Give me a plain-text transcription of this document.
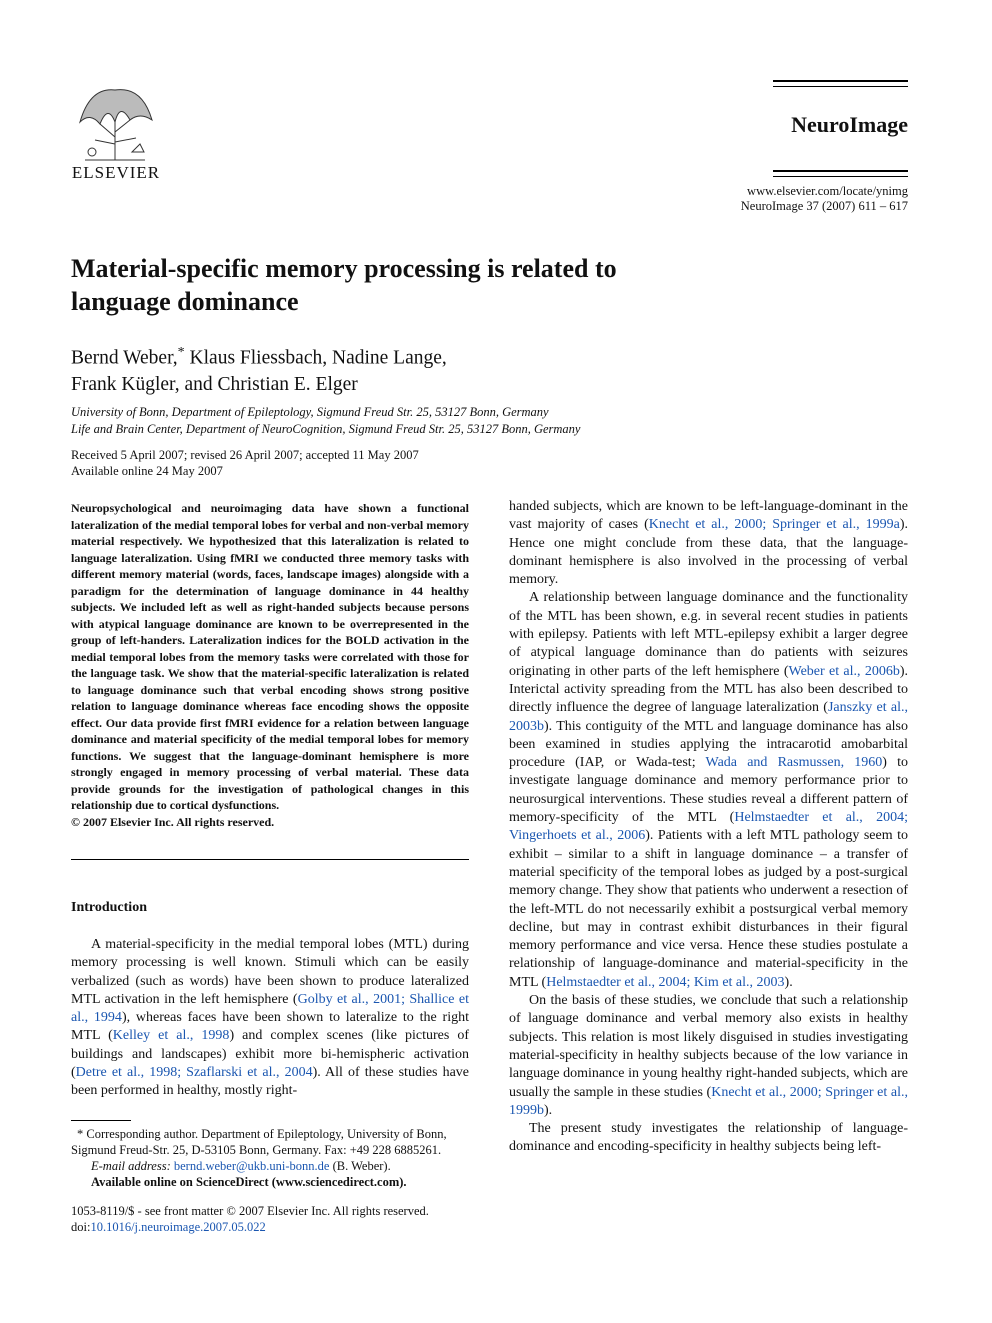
ELSEVIER
NeuroImage
www.elsevier.com/locate/ynimg
NeuroImage 37 (2007) 611 – 617
Material-specific memory processing is related to
language dominance
Bernd Weber,* Klaus Fliessbach, Nadine Lange,
Frank Kügler, and Christian E. Elger
University of Bonn, Department of Epileptology, Sigmund Freud Str. 25, 53127 Bonn, Germany
Life and Brain Center, Department of NeuroCognition, Sigmund Freud Str. 25, 53127 Bonn, Germany
Received 5 April 2007; revised 26 April 2007; accepted 11 May 2007
Available online 24 May 2007
Neuropsychological and neuroimaging data have shown a functional lateralization of the medial temporal lobes for verbal and non-verbal memory material respectively. We hypothesized that this lateralization is related to language lateralization. Using fMRI we conducted three memory tasks with different memory material (words, faces, landscape images) alongside with a paradigm for the determination of language dominance in 44 healthy subjects. We included left as well as right-handed subjects because persons with atypical language dominance are known to be overrepresented in the group of left-handers. Lateralization indices for the BOLD activation in the medial temporal lobes from the memory tasks were correlated with those for the language task. We show that the material-specific lateralization is related to language dominance such that verbal encoding shows strong positive relation to language dominance whereas face encoding shows the opposite effect. Our data provide first fMRI evidence for a relation between language dominance and material specificity of the medial temporal lobes for memory functions. We suggest that the language-dominant hemisphere is more strongly engaged in memory processing of verbal material. These data provide grounds for the investigation of pathological changes in this relationship due to cortical dysfunctions.
© 2007 Elsevier Inc. All rights reserved.
Introduction

A material-specificity in the medial temporal lobes (MTL) during memory processing is well known. Stimuli which can be easily verbalized (such as words) have been shown to produce lateralized MTL activation in the left hemisphere (Golby et al., 2001; Shallice et al., 1994), whereas faces have been shown to lateralize to the right MTL (Kelley et al., 1998) and complex scenes (like pictures of buildings and landscapes) exhibit more bi-hemispheric activation (Detre et al., 1998; Szaflarski et al., 2004). All of these studies have been performed in healthy, mostly right-

handed subjects, which are known to be left-language-dominant in the vast majority of cases (Knecht et al., 2000; Springer et al., 1999a). Hence one might conclude from these data, that the language-dominant hemisphere is also involved in the processing of verbal memory.

A relationship between language dominance and the functionality of the MTL has been shown, e.g. in several recent studies in patients with epilepsy. Patients with left MTL-epilepsy exhibit a larger degree of atypical language dominance than do patients with seizures originating in other parts of the left hemisphere (Weber et al., 2006b). Interictal activity spreading from the MTL has also been described to directly influence the degree of language lateralization (Janszky et al., 2003b). This contiguity of the MTL and language dominance has also been examined in studies applying the intracarotid amobarbital procedure (IAP, or Wada-test; Wada and Rasmussen, 1960) to investigate language dominance and memory performance prior to neurosurgical interventions. These studies reveal a different pattern of memory-specificity of the MTL (Helmstaedter et al., 2004; Vingerhoets et al., 2006). Patients with a left MTL pathology seem to exhibit – similar to a shift in language dominance – a transfer of material specificity of the temporal lobes as judged by a post-surgical memory change. They show that patients who underwent a resection of the left-MTL do not necessarily exhibit a postsurgical verbal memory decline, but may in contrast exhibit disturbances in their figural memory performance and vice versa. Hence these studies postulate a relationship of language-dominance and material-specificity in the MTL (Helmstaedter et al., 2004; Kim et al., 2003).

On the basis of these studies, we conclude that such a relationship of language dominance and verbal memory also exists in healthy subjects. This relation is most likely disguised in studies investigating material-specificity in healthy subjects because of the low variance in language dominance in young healthy right-handed subjects, which are usually the sample in these studies (Knecht et al., 2000; Springer et al., 1999b).

The present study investigates the relationship of language-dominance and encoding-specificity in healthy subjects being left-

* Corresponding author. Department of Epileptology, University of Bonn, Sigmund Freud-Str. 25, D-53105 Bonn, Germany. Fax: +49 228 6885261.

E-mail address: bernd.weber@ukb.uni-bonn.de (B. Weber).

Available online on ScienceDirect (www.sciencedirect.com).

1053-8119/$ - see front matter © 2007 Elsevier Inc. All rights reserved.
doi:10.1016/j.neuroimage.2007.05.022
